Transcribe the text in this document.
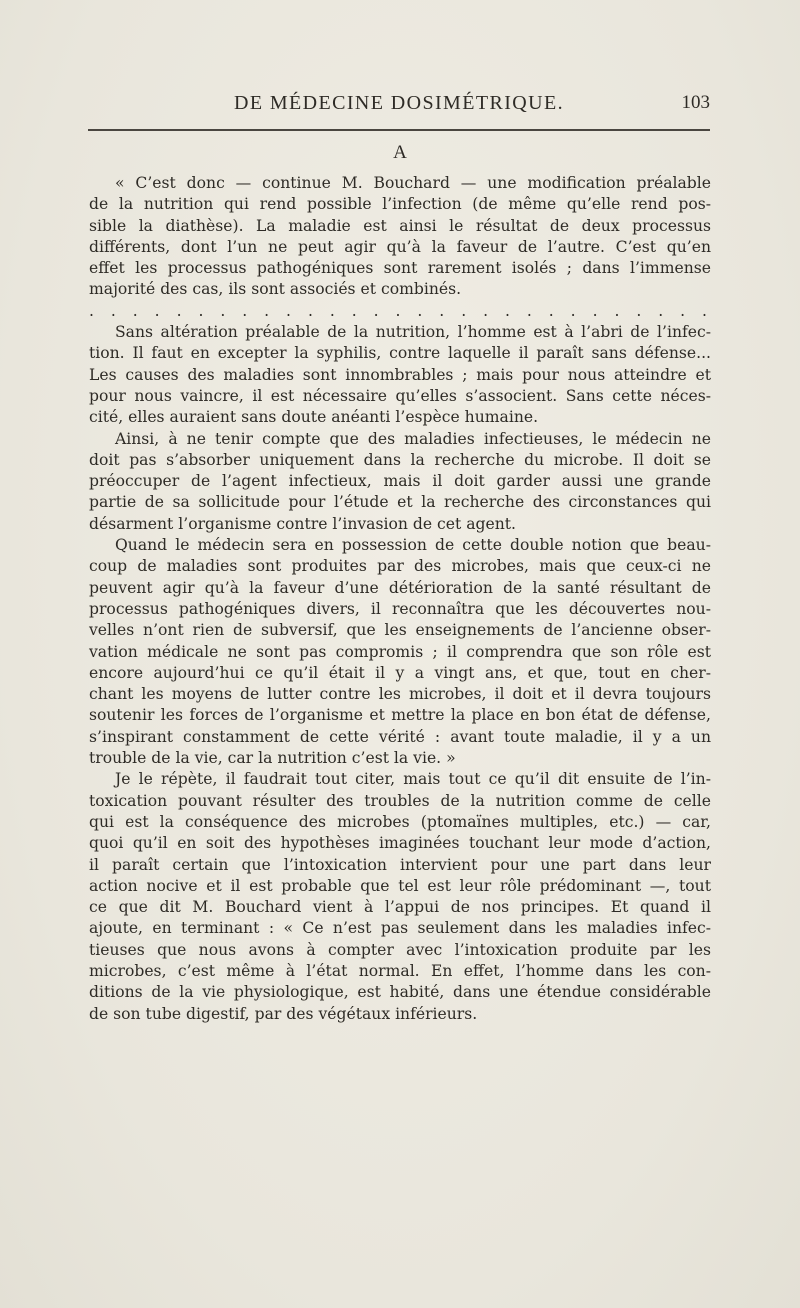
DE MÉDECINE DOSIMÉTRIQUE.	103
A
« C’est donc — continue M. Bouchard — une modification préalable
de la nutrition qui rend possible l’infection (de même qu’elle rend pos-
sible la diathèse). La maladie est ainsi le résultat de deux processus
différents, dont l’un ne peut agir qu’à la faveur de l’autre. C’est qu’en
effet les processus pathogéniques sont rarement isolés ; dans l’immense
majorité des cas, ils sont associés et combinés.
. . . . . . . . . . . . . . . . . . . . . . . . . . . . .
Sans altération préalable de la nutrition, l’homme est à l’abri de l’infec-
tion. Il faut en excepter la syphilis, contre laquelle il paraît sans défense...
Les causes des maladies sont innombrables ; mais pour nous atteindre et
pour nous vaincre, il est nécessaire qu’elles s’associent. Sans cette néces-
cité, elles auraient sans doute anéanti l’espèce humaine.
Ainsi, à ne tenir compte que des maladies infectieuses, le médecin ne
doit pas s’absorber uniquement dans la recherche du microbe. Il doit se
préoccuper de l’agent infectieux, mais il doit garder aussi une grande
partie de sa sollicitude pour l’étude et la recherche des circonstances qui
désarment l’organisme contre l’invasion de cet agent.
Quand le médecin sera en possession de cette double notion que beau-
coup de maladies sont produites par des microbes, mais que ceux-ci ne
peuvent agir qu’à la faveur d’une détérioration de la santé résultant de
processus pathogéniques divers, il reconnaîtra que les découvertes nou-
velles n’ont rien de subversif, que les enseignements de l’ancienne obser-
vation médicale ne sont pas compromis ; il comprendra que son rôle est
encore aujourd’hui ce qu’il était il y a vingt ans, et que, tout en cher-
chant les moyens de lutter contre les microbes, il doit et il devra toujours
soutenir les forces de l’organisme et mettre la place en bon état de défense,
s’inspirant constamment de cette vérité : avant toute maladie, il y a un
trouble de la vie, car la nutrition c’est la vie. »
Je le répète, il faudrait tout citer, mais tout ce qu’il dit ensuite de l’in-
toxication pouvant résulter des troubles de la nutrition comme de celle
qui est la conséquence des microbes (ptomaïnes multiples, etc.) — car,
quoi qu’il en soit des hypothèses imaginées touchant leur mode d’action,
il paraît certain que l’intoxication intervient pour une part dans leur
action nocive et il est probable que tel est leur rôle prédominant —, tout
ce que dit M. Bouchard vient à l’appui de nos principes. Et quand il
ajoute, en terminant : « Ce n’est pas seulement dans les maladies infec-
tieuses que nous avons à compter avec l’intoxication produite par les
microbes, c’est même à l’état normal. En effet, l’homme dans les con-
ditions de la vie physiologique, est habité, dans une étendue considérable
de son tube digestif, par des végétaux inférieurs.
